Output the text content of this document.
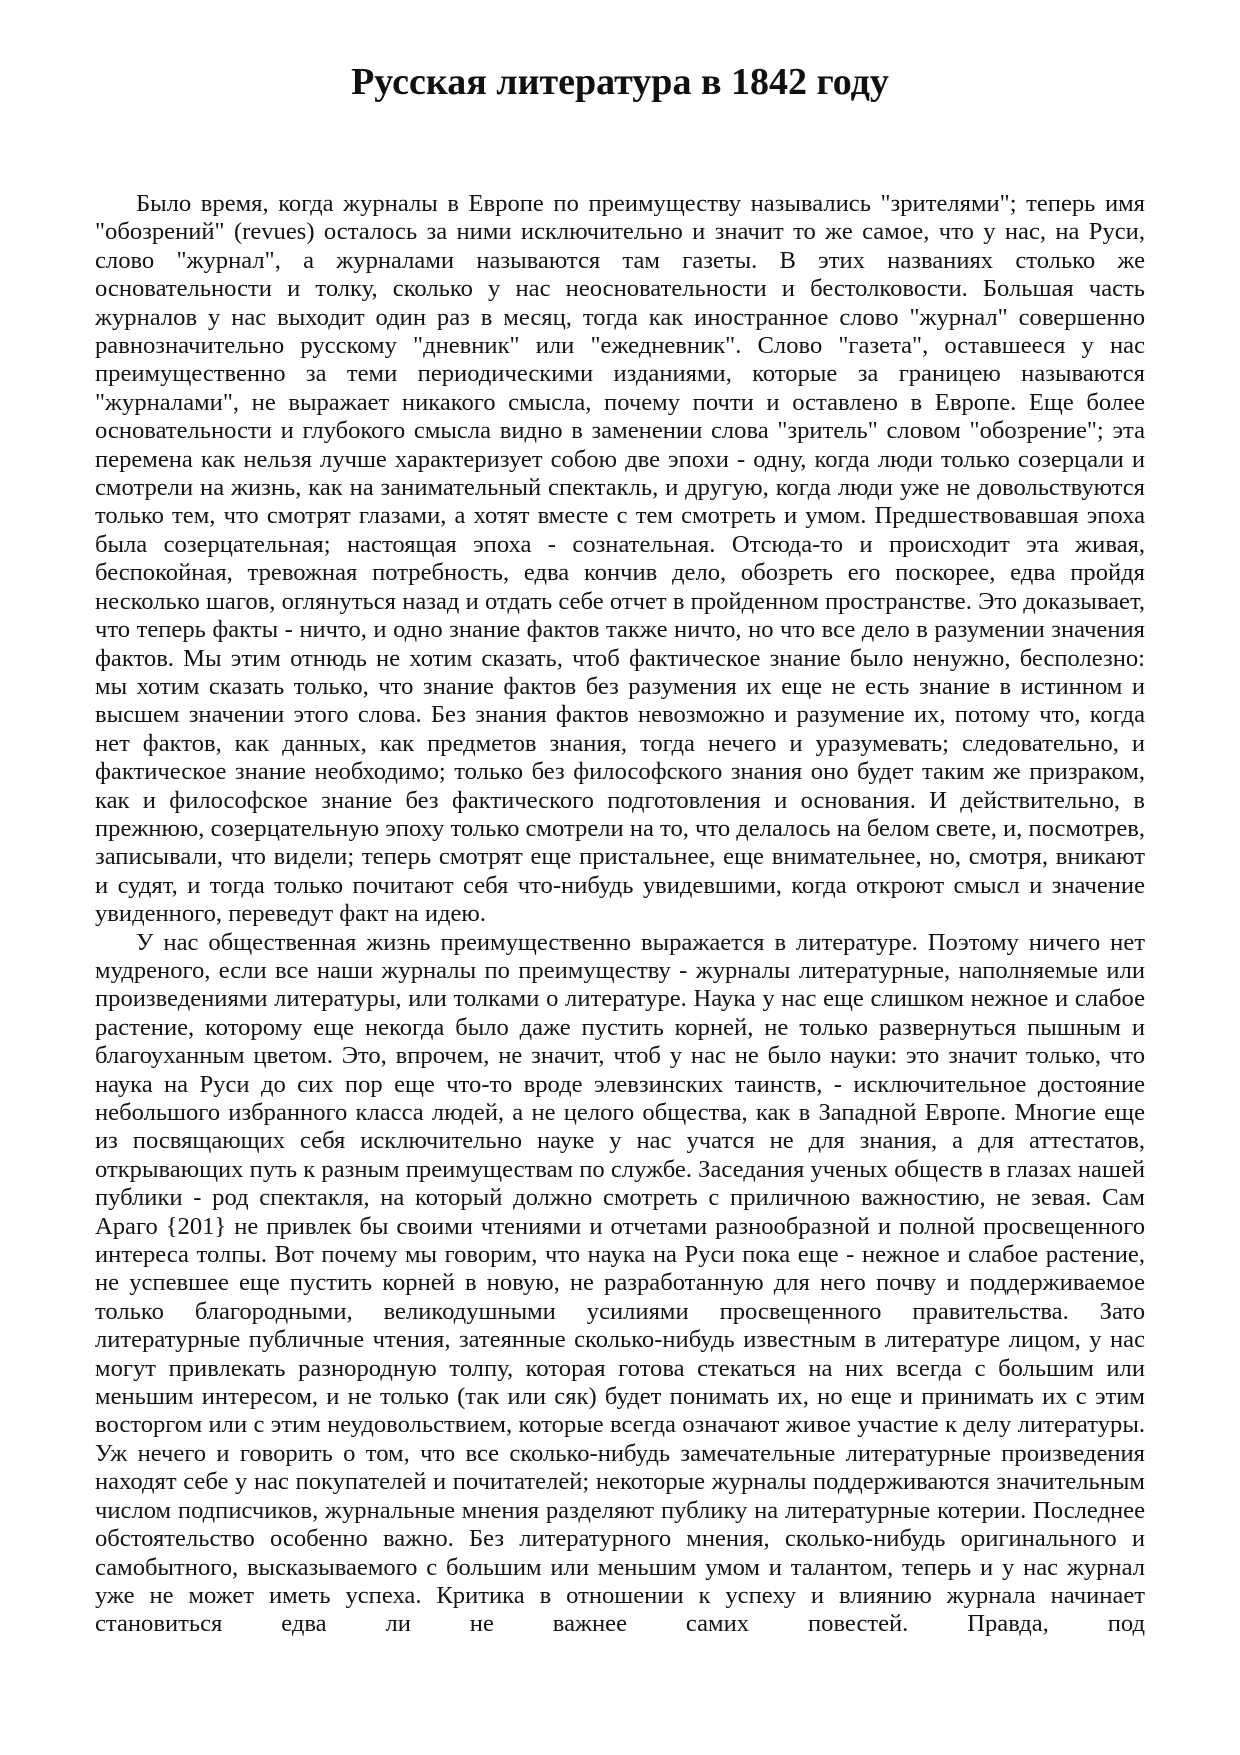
Русская литература в 1842 году

Было время, когда журналы в Европе по преимуществу назывались "зрителями"; теперь имя "обозрений" (revues) осталось за ними исключительно и значит то же самое, что у нас, на Руси, слово "журнал", а журналами называются там газеты. В этих названиях столько же основательности и толку, сколько у нас неосновательности и бестолковости. Большая часть журналов у нас выходит один раз в месяц, тогда как иностранное слово "журнал" совершенно равнозначительно русскому "дневник" или "ежедневник". Слово "газета", оставшееся у нас преимущественно за теми периодическими изданиями, которые за границею называются "журналами", не выражает никакого смысла, почему почти и оставлено в Европе. Еще более основательности и глубокого смысла видно в заменении слова "зритель" словом "обозрение"; эта перемена как нельзя лучше характеризует собою две эпохи - одну, когда люди только созерцали и смотрели на жизнь, как на занимательный спектакль, и другую, когда люди уже не довольствуются только тем, что смотрят глазами, а хотят вместе с тем смотреть и умом. Предшествовавшая эпоха была созерцательная; настоящая эпоха - сознательная. Отсюда-то и происходит эта живая, беспокойная, тревожная потребность, едва кончив дело, обозреть его поскорее, едва пройдя несколько шагов, оглянуться назад и отдать себе отчет в пройденном пространстве. Это доказывает, что теперь факты - ничто, и одно знание фактов также ничто, но что все дело в разумении значения фактов. Мы этим отнюдь не хотим сказать, чтоб фактическое знание было ненужно, бесполезно: мы хотим сказать только, что знание фактов без разумения их еще не есть знание в истинном и высшем значении этого слова. Без знания фактов невозможно и разумение их, потому что, когда нет фактов, как данных, как предметов знания, тогда нечего и уразумевать; следовательно, и фактическое знание необходимо; только без философского знания оно будет таким же призраком, как и философское знание без фактического подготовления и основания. И действительно, в прежнюю, созерцательную эпоху только смотрели на то, что делалось на белом свете, и, посмотрев, записывали, что видели; теперь смотрят еще пристальнее, еще внимательнее, но, смотря, вникают и судят, и тогда только почитают себя что-нибудь увидевшими, когда откроют смысл и значение увиденного, переведут факт на идею.

У нас общественная жизнь преимущественно выражается в литературе. Поэтому ничего нет мудреного, если все наши журналы по преимуществу - журналы литературные, наполняемые или произведениями литературы, или толками о литературе. Наука у нас еще слишком нежное и слабое растение, которому еще некогда было даже пустить корней, не только развернуться пышным и благоуханным цветом. Это, впрочем, не значит, чтоб у нас не было науки: это значит только, что наука на Руси до сих пор еще что-то вроде элевзинских таинств, - исключительное достояние небольшого избранного класса людей, а не целого общества, как в Западной Европе. Многие еще из посвящающих себя исключительно науке у нас учатся не для знания, а для аттестатов, открывающих путь к разным преимуществам по службе. Заседания ученых обществ в глазах нашей публики - род спектакля, на который должно смотреть с приличною важностию, не зевая. Сам Араго {201} не привлек бы своими чтениями и отчетами разнообразной и полной просвещенного интереса толпы. Вот почему мы говорим, что наука на Руси пока еще - нежное и слабое растение, не успевшее еще пустить корней в новую, не разработанную для него почву и поддерживаемое только благородными, великодушными усилиями просвещенного правительства. Зато литературные публичные чтения, затеянные сколько-нибудь известным в литературе лицом, у нас могут привлекать разнородную толпу, которая готова стекаться на них всегда с большим или меньшим интересом, и не только (так или сяк) будет понимать их, но еще и принимать их с этим восторгом или с этим неудовольствием, которые всегда означают живое участие к делу литературы. Уж нечего и говорить о том, что все сколько-нибудь замечательные литературные произведения находят себе у нас покупателей и почитателей; некоторые журналы поддерживаются значительным числом подписчиков, журнальные мнения разделяют публику на литературные котерии. Последнее обстоятельство особенно важно. Без литературного мнения, сколько-нибудь оригинального и самобытного, высказываемого с большим или меньшим умом и талантом, теперь и у нас журнал уже не может иметь успеха. Критика в отношении к успеху и влиянию журнала начинает становиться едва ли не важнее самих повестей. Правда, под
